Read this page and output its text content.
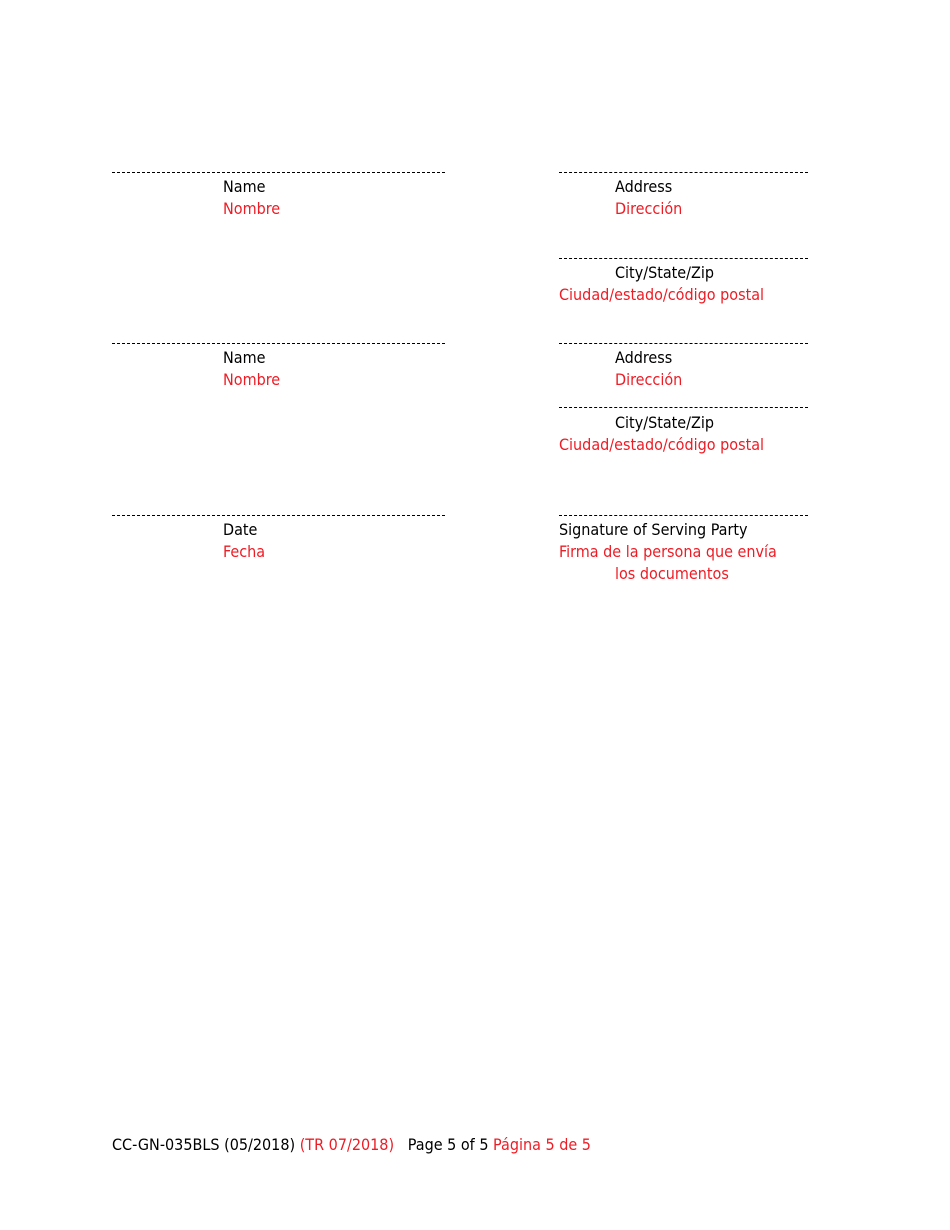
Name
Nombre
Address
Dirección
City/State/Zip
Ciudad/estado/código postal
Name
Nombre
Address
Dirección
City/State/Zip
Ciudad/estado/código postal
Date
Fecha
Signature of Serving Party
Firma de la persona que envía
los documentos
CC-GN-035BLS (05/2018) (TR 07/2018) Page 5 of 5 Página 5 de 5
